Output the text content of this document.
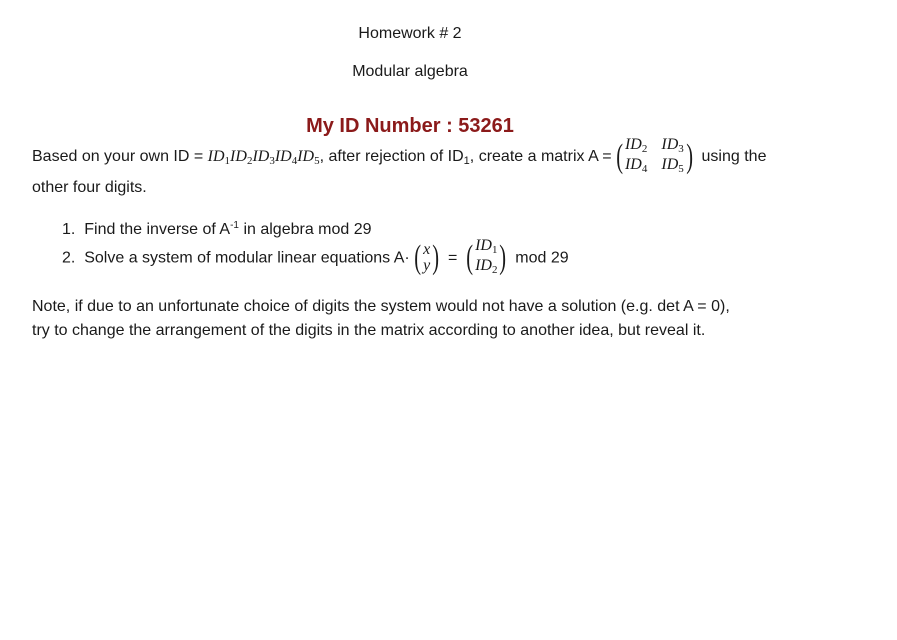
Homework # 2
Modular algebra
My ID Number : 53261
Based on your own ID = $ID_1ID_2ID_3ID_4ID_5$, after rejection of $ID_1$, create a matrix A = ( $ID_2$ $ID_3$
$ID_4$ $ID_5$ ) using the
other four digits.
1. Find the inverse of $A^{-1}$ in algebra mod 29
2. Solve a system of modular linear equations A· ( x
y ) = ( $ID_1$
$ID_2$ ) mod 29
Note, if due to an unfortunate choice of digits the system would not have a solution (e.g. det A = 0),
try to change the arrangement of the digits in the matrix according to another idea, but reveal it.
